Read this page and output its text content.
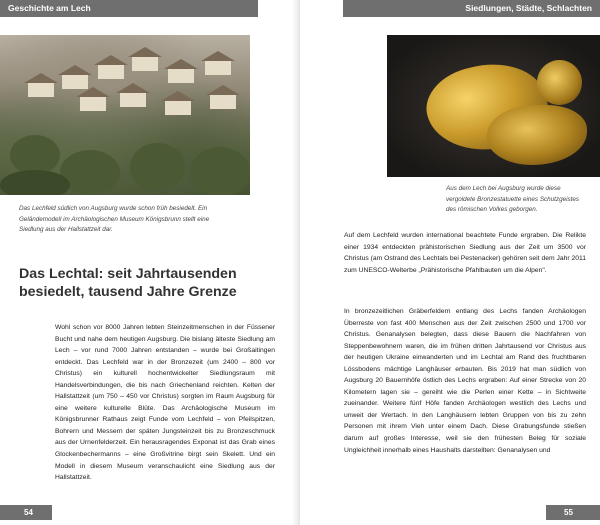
Geschichte am Lech
Das Lechfeld südlich von Augsburg wurde schon früh besiedelt. Ein Geländemodell im Archäologischen Museum Königsbrunn stellt eine Siedlung aus der Hallstattzeit dar.
Das Lechtal: seit Jahrtausenden besiedelt, tausend Jahre Grenze

Wohl schon vor 8000 Jahren lebten Steinzeitmenschen in der Füssener Bucht und nahe dem heutigen Augsburg. Die bislang älteste Siedlung am Lech – vor rund 7000 Jahren entstanden – wurde bei Großaitingen entdeckt. Das Lechfeld war in der Bronzezeit (um 2400 – 800 vor Christus) ein kulturell hochentwickelter Siedlungsraum mit Handelsverbindungen, die bis nach Griechenland reichten. Kelten der Hallstattzeit (um 750 – 450 vor Christus) sorgten im Raum Augsburg für eine weitere kulturelle Blüte. Das Archäologische Museum im Königsbrunner Rathaus zeigt Funde vom Lechfeld – von Pfeilspitzen, Bohrern und Messern der späten Jungsteinzeit bis zu Bronzeschmuck aus der Urnenfelderzeit. Ein herausragendes Exponat ist das Grab eines Glockenbechermanns – eine Großvitrine birgt sein Skelett. Und ein Modell in diesem Museum veranschaulicht eine Siedlung aus der Hallstattzeit.

54
Siedlungen, Städte, Schlachten
Aus dem Lech bei Augsburg wurde diese vergoldete Bronzestatuette eines Schutzgeistes des römischen Volkes geborgen.

Auf dem Lechfeld wurden international beachtete Funde ergraben. Die Relikte einer 1934 entdeckten prähistorischen Siedlung aus der Zeit um 3500 vor Christus (am Ostrand des Lechtals bei Pestenacker) gehören seit dem Jahr 2011 zum UNESCO-Welterbe „Prähistorische Pfahlbauten um die Alpen".

In bronzezeitlichen Gräberfeldern entlang des Lechs fanden Archäologen Überreste von fast 400 Menschen aus der Zeit zwischen 2500 und 1700 vor Christus. Genanalysen belegten, dass diese Bauern die Nachfahren von Steppenbewohnern waren, die im frühen dritten Jahrtausend vor Christus aus der heutigen Ukraine einwanderten und im Lechtal am Rand des fruchtbaren Lössbodens mächtige Langhäuser erbauten. Bis 2019 hat man südlich von Augsburg 20 Bauernhöfe östlich des Lechs ergraben: Auf einer Strecke von 20 Kilometern lagen sie – gereiht wie die Perlen einer Kette – in Sichtweite zueinander. Weitere fünf Höfe fanden Archäologen westlich des Lechs und unweit der Wertach. In den Langhäusern lebten Gruppen von bis zu zehn Personen mit ihrem Vieh unter einem Dach. Diese Grabungsfunde stießen darum auf großes Interesse, weil sie den frühesten Beleg für soziale Ungleichheit innerhalb eines Haushalts darstellten: Genanalysen und

55
